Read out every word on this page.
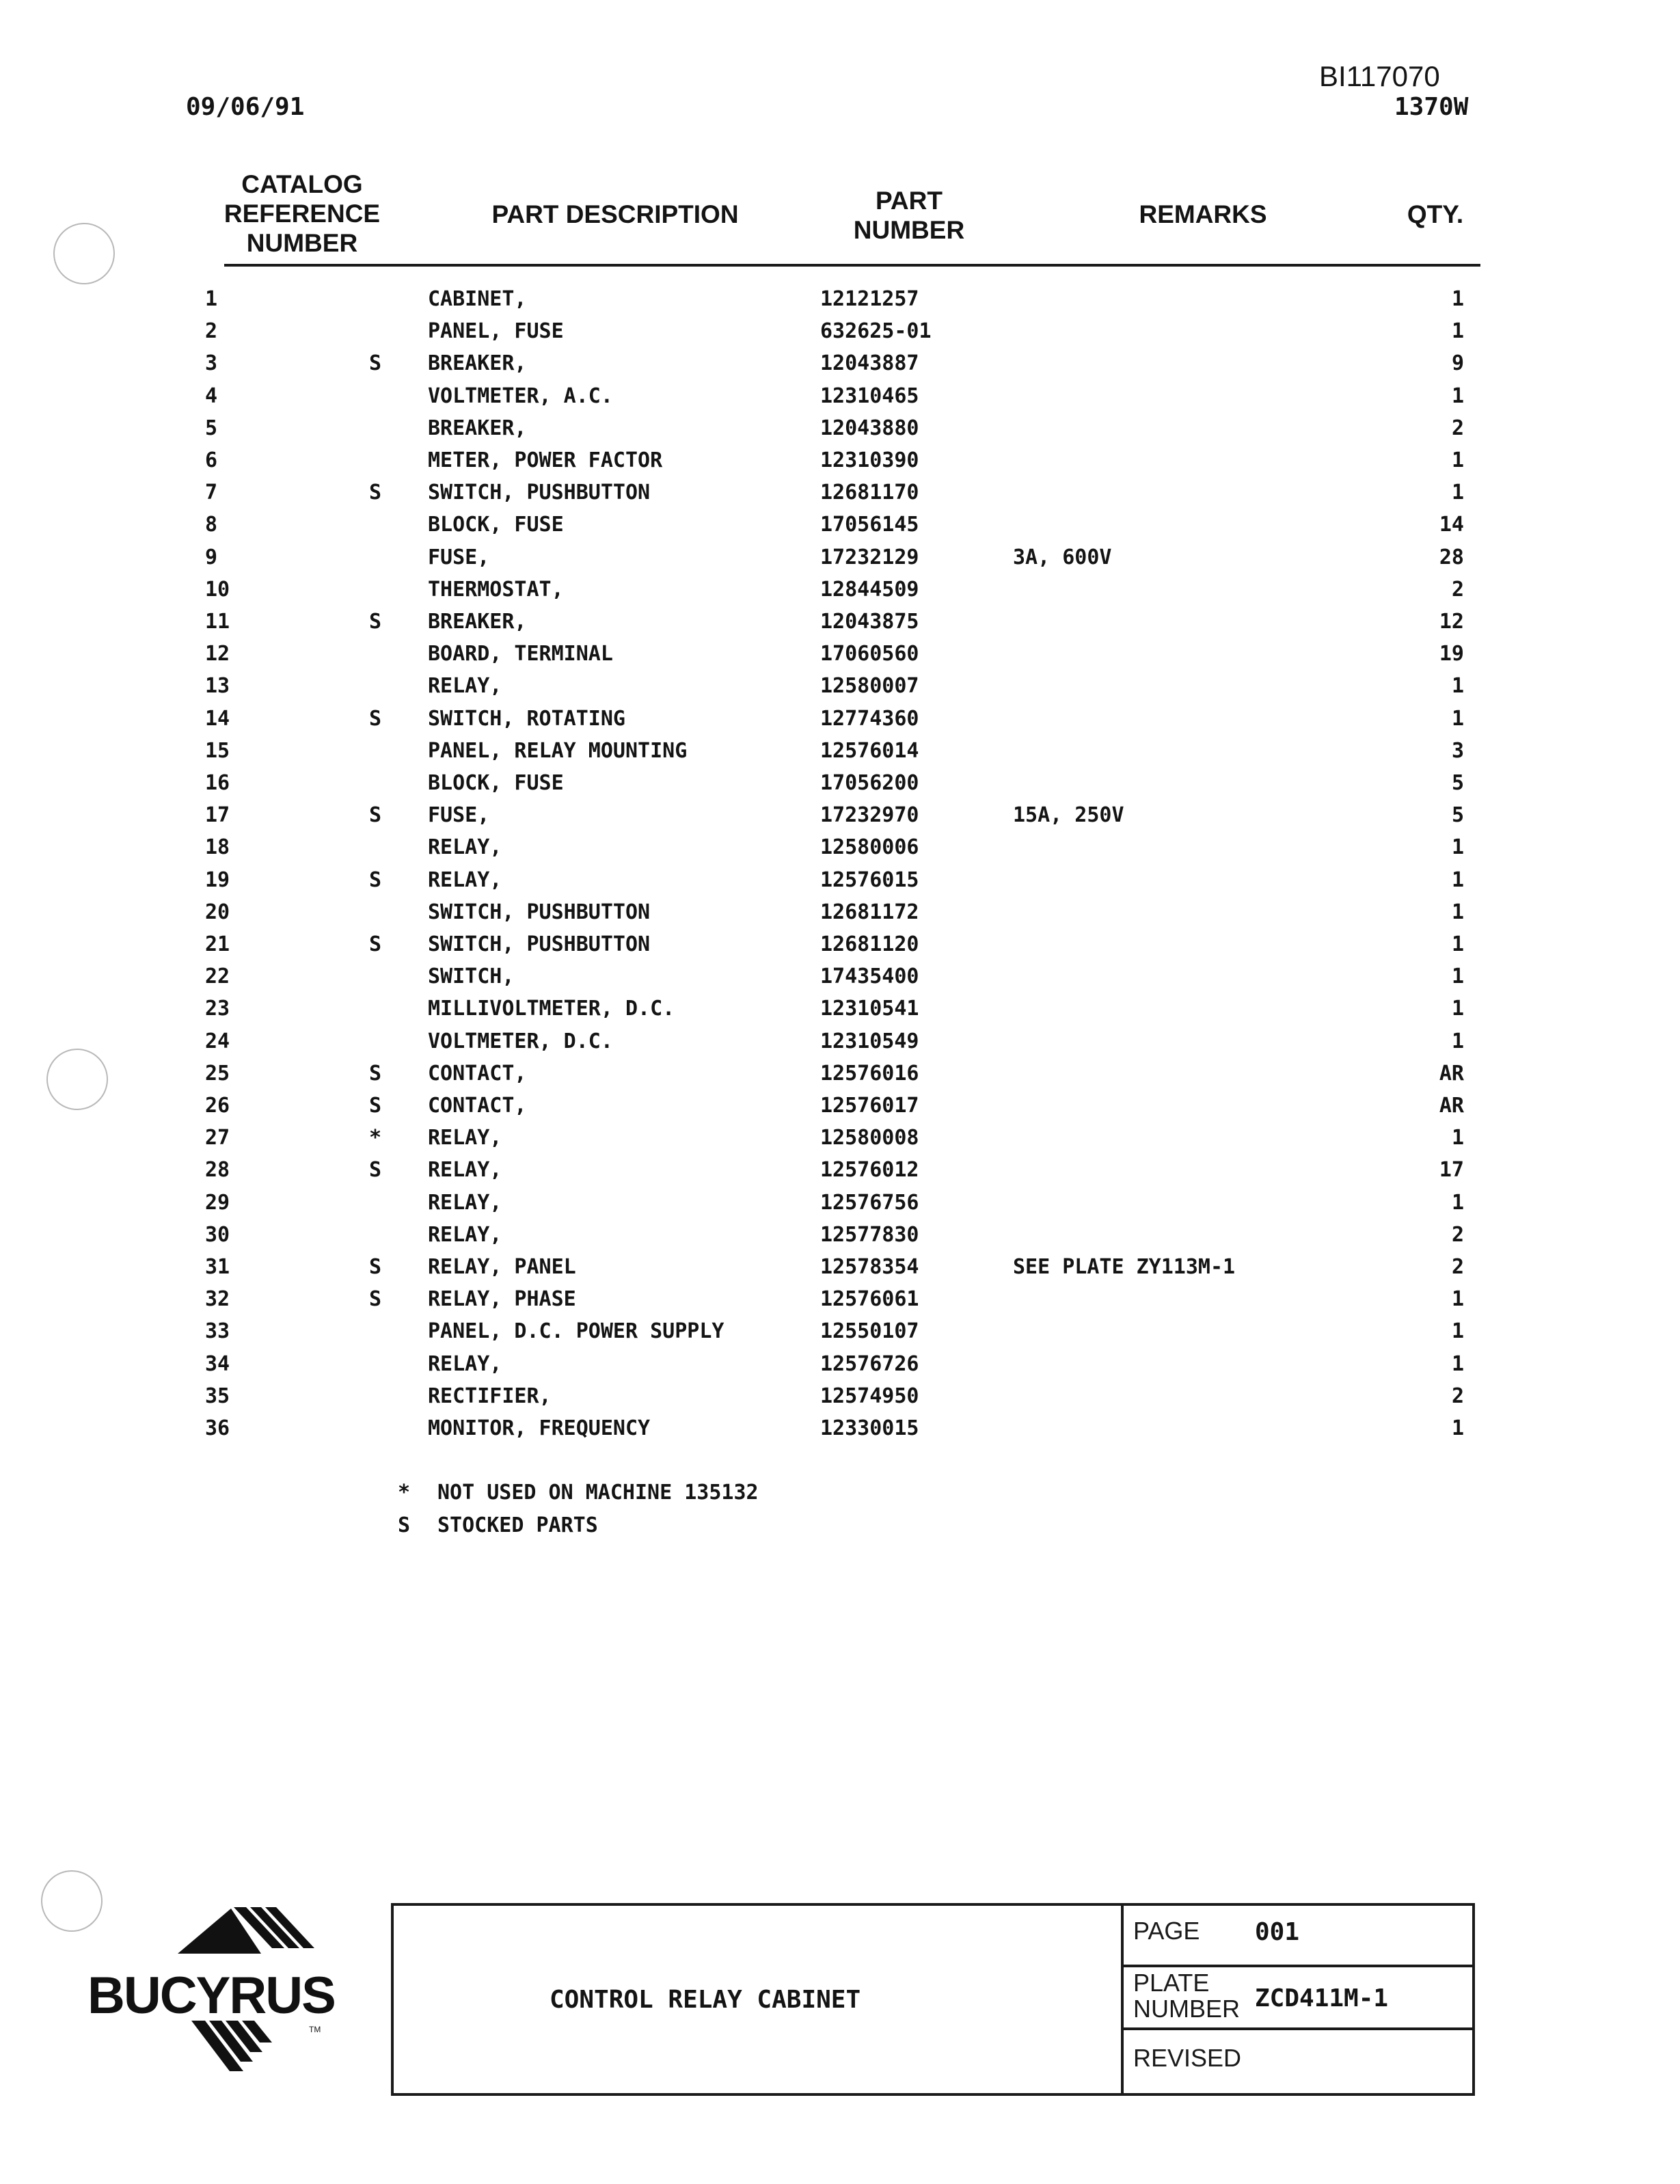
BI117070
1370W
09/06/91
CATALOG
REFERENCE
NUMBER
PART DESCRIPTION	PART
NUMBER
REMARKS	QTY.
1	CABINET,	12121257	1
2	PANEL, FUSE	632625-01	1
3	S BREAKER,	12043887	9
4	VOLTMETER, A.C.	12310465	1
5	BREAKER,	12043880	2
6	METER, POWER FACTOR	12310390	1
7	S SWITCH, PUSHBUTTON	12681170	1
8	BLOCK, FUSE	17056145	14
9	FUSE,	17232129	3A, 600V	28
10	THERMOSTAT,	12844509	2
11	S BREAKER,	12043875	12
12	BOARD, TERMINAL	17060560	19
13	RELAY,	12580007	1
14	S SWITCH, ROTATING	12774360	1
15	PANEL, RELAY MOUNTING	12576014	3
16	BLOCK, FUSE	17056200	5
17	S FUSE,	17232970	15A, 250V	5
18	RELAY,	12580006	1
19	S RELAY,	12576015	1
20	SWITCH, PUSHBUTTON	12681172	1
21	S SWITCH, PUSHBUTTON	12681120	1
22	SWITCH,	17435400	1
23	MILLIVOLTMETER, D.C.	12310541	1
24	VOLTMETER, D.C.	12310549	1
25	S CONTACT,	12576016	AR
26	S CONTACT,	12576017	AR
27	* RELAY,	12580008	1
28	S RELAY,	12576012	17
29	RELAY,	12576756	1
30	RELAY,	12577830	2
31	S RELAY, PANEL	12578354	SEE PLATE ZY113M-1	2
32	S RELAY, PHASE	12576061	1
33	PANEL, D.C. POWER SUPPLY	12550107	1
34	RELAY,	12576726	1
35	RECTIFIER,	12574950	2
36	MONITOR, FREQUENCY	12330015	1
* NOT USED ON MACHINE 135132
S STOCKED PARTS
BUCYRUS
TM
CONTROL RELAY CABINET
PAGE 001
PLATE
NUMBER ZCD411M-1
REVISED
